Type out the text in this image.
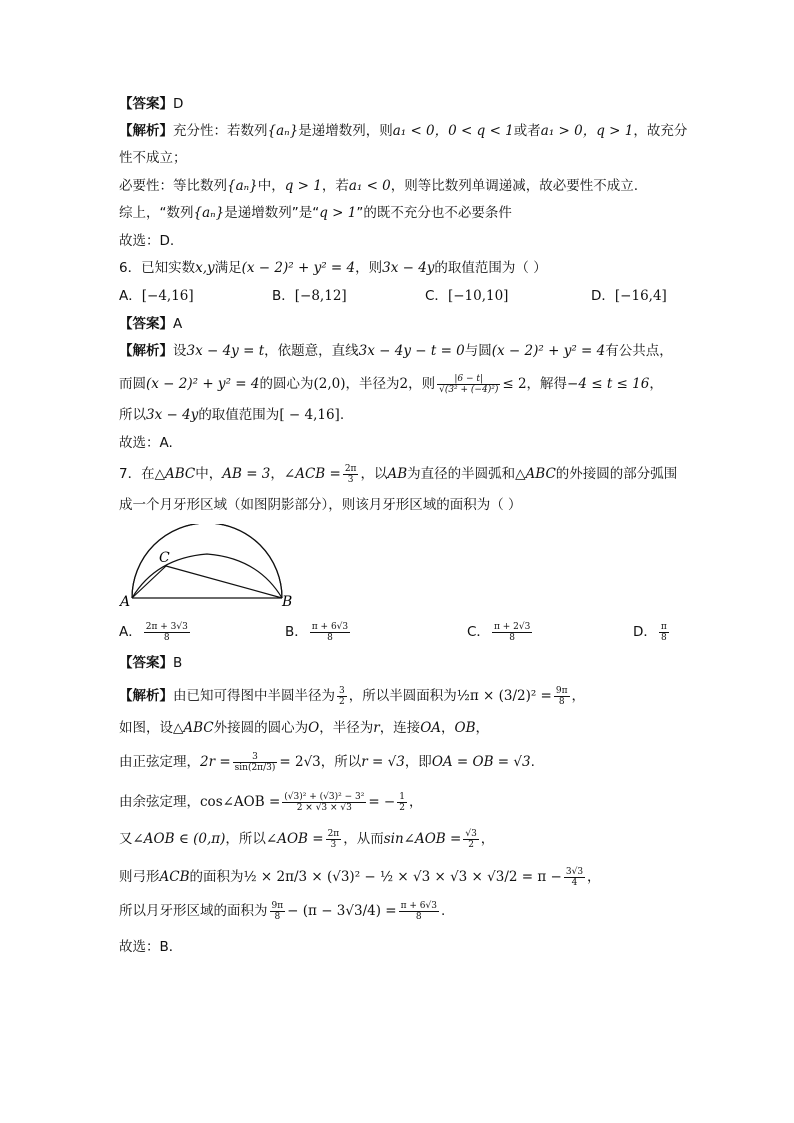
【答案】D
【解析】充分性：若数列{aₙ}是递增数列，则a₁ < 0，0 < q < 1或者a₁ > 0，q > 1，故充分
性不成立；
必要性：等比数列{aₙ}中，q > 1，若a₁ < 0，则等比数列单调递减，故必要性不成立.
综上，“数列{aₙ}是递增数列”是“q > 1”的既不充分也不必要条件
故选：D.
6．已知实数x,y满足(x − 2)² + y² = 4，则3x − 4y的取值范围为（ ）
A．[−4,16]	B．[−8,12]	C．[−10,10]	D．[−16,4]
【答案】A
【解析】设3x − 4y = t，依题意，直线3x − 4y − t = 0与圆(x − 2)² + y² = 4有公共点，
而圆(x − 2)² + y² = 4的圆心为(2,0)，半径为2，则 $\frac{|6 - t|}{\text{√(3² + (−4)²)}} \le 2$，解得−4 ≤ t ≤ 16，
所以3x − 4y的取值范围为[ − 4,16].
故选：A.
7．在△ABC中，AB = 3，∠ACB = $\frac{2\pi}{3}$ ，以AB为直径的半圆弧和△ABC的外接圆的部分弧围
成一个月牙形区域（如图阴影部分），则该月牙形区域的面积为（ ）
A	B
C
A． $\frac{2\pi + 3√3}{8}$	B． $\frac{\pi + 6√3}{8}$	C． $\frac{\pi + 2√3}{8}$	D． $\frac{\pi}{8}$
【答案】B
【解析】由已知可得图中半圆半径为 $\frac{3}{2}$ ，所以半圆面积为½π × $(3/2)^2 = \frac{9\pi}{8}$ ，
如图，设△ABC外接圆的圆心为O，半径为r，连接OA，OB，
由正弦定理，$2r = \frac{3}{\sin(2\pi/3)} = 2√3$，所以r = √3，即OA = OB = √3.
由余弦定理，cos∠AOB = $\frac{\text{(√3)² + (√3)² − 3²}}{2 \times √3 \times √3}$ = − $\frac{1}{2}$ ，
又∠AOB ∈ (0,π)，所以∠AOB = $\frac{2\pi}{3}$ ，从而sin∠AOB = $\frac{√3}{2}$ ，
则弓形ACB的面积为½ × 2π/3 × (√3)² − ½ × $√3 \times √3 \times √3/2 = \pi - \frac{3√3}{4}$ ，
所以月牙形区域的面积为 $\frac{9\pi}{8} - (\pi - 3√3/4) = \frac{\pi + 6√3}{8}$ .
故选：B．
